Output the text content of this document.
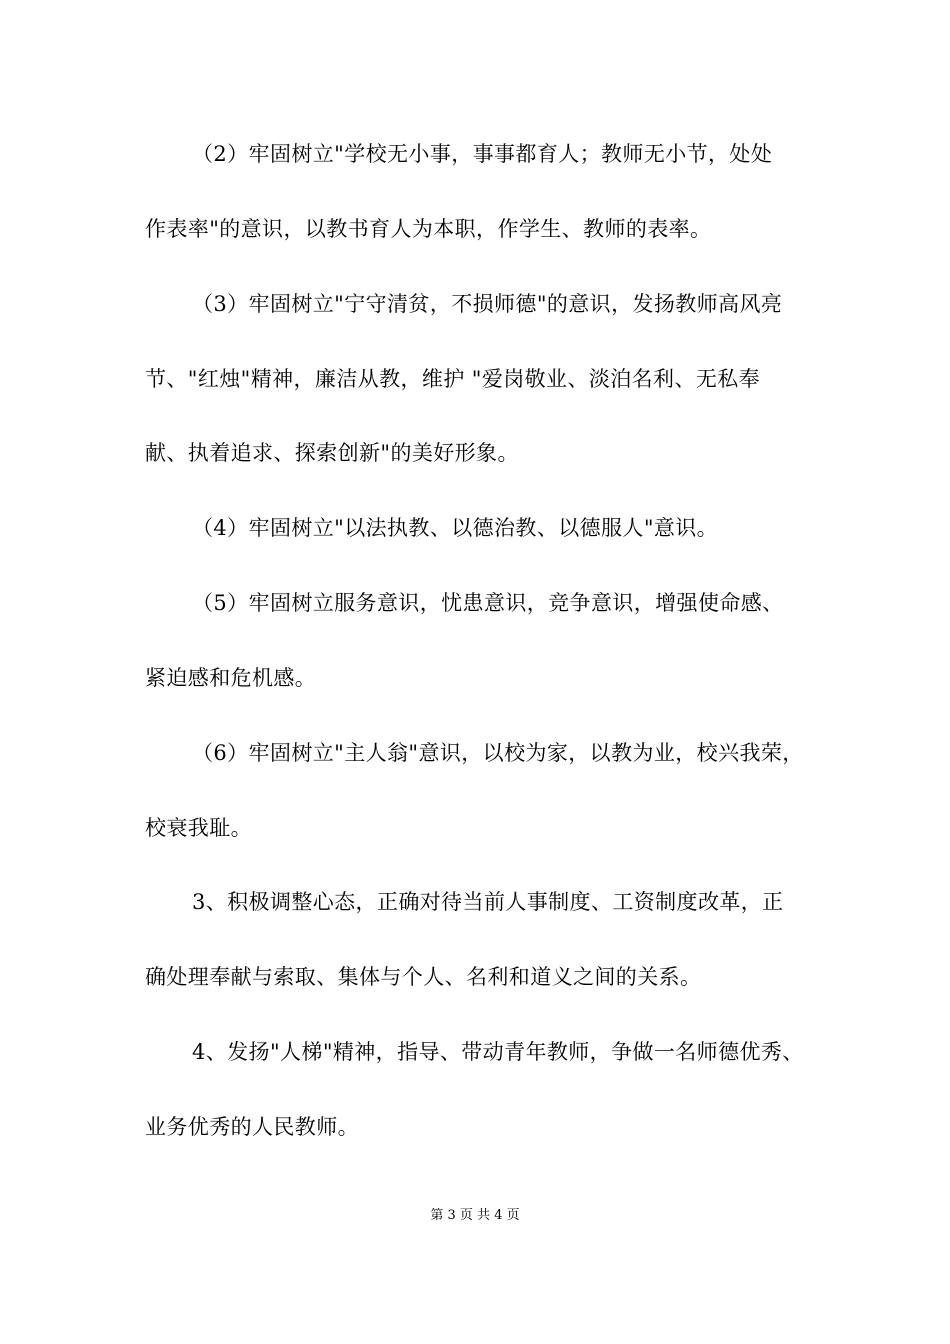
（2）牢固树立"学校无小事，事事都育人；教师无小节，处处
作表率"的意识，以教书育人为本职，作学生、教师的表率。
（3）牢固树立"宁守清贫，不损师德"的意识，发扬教师高风亮
节、"红烛"精神，廉洁从教，维护 "爱岗敬业、淡泊名利、无私奉
献、执着追求、探索创新"的美好形象。
（4）牢固树立"以法执教、以德治教、以德服人"意识。
（5）牢固树立服务意识，忧患意识，竞争意识，增强使命感、
紧迫感和危机感。
（6）牢固树立"主人翁"意识，以校为家，以教为业，校兴我荣，
校衰我耻。
3、积极调整心态，正确对待当前人事制度、工资制度改革，正
确处理奉献与索取、集体与个人、名利和道义之间的关系。
4、发扬"人梯"精神，指导、带动青年教师，争做一名师德优秀、
业务优秀的人民教师。
第 3 页 共 4 页
